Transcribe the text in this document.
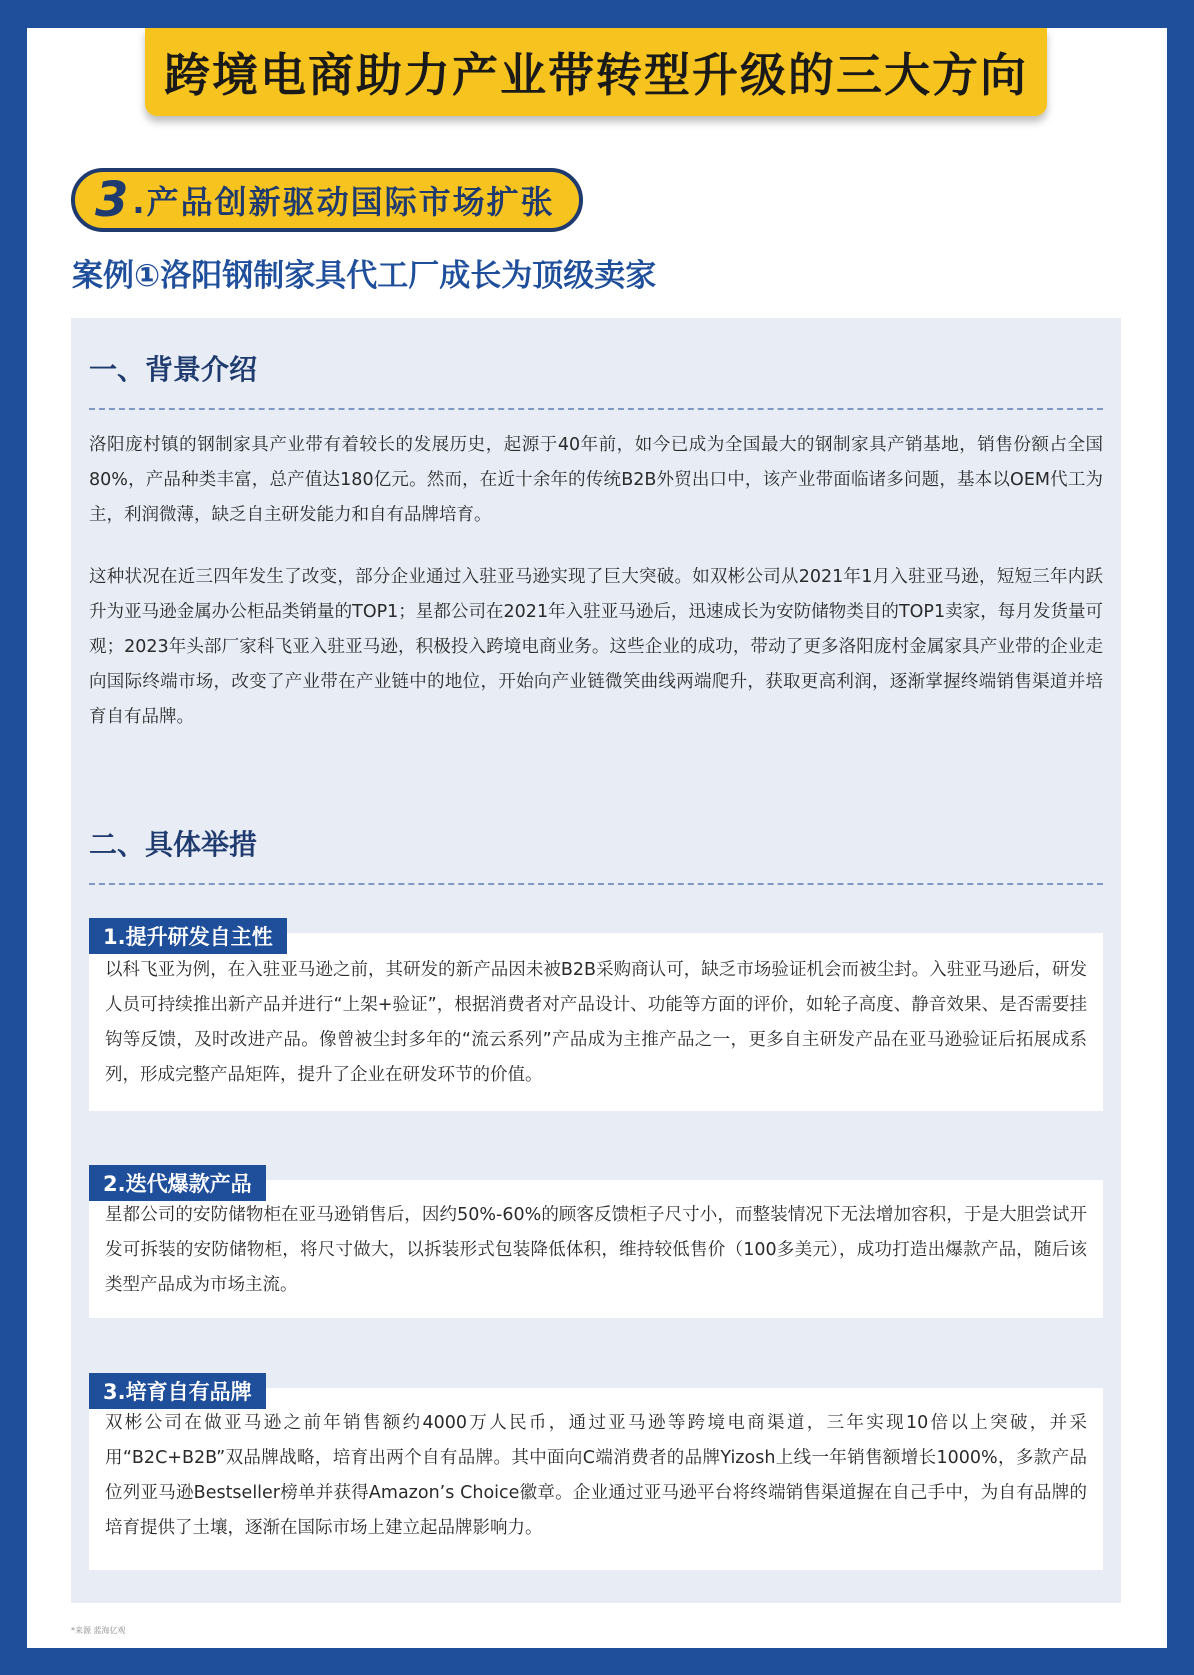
跨境电商助力产业带转型升级的三大方向
3 .产品创新驱动国际市场扩张
案例①洛阳钢制家具代工厂成长为顶级卖家
一、背景介绍
洛阳庞村镇的钢制家具产业带有着较长的发展历史，起源于40年前，如今已成为全国最大的钢制家具产销基地，销售份额占全国80%，产品种类丰富，总产值达180亿元。然而，在近十余年的传统B2B外贸出口中，该产业带面临诸多问题，基本以OEM代工为主，利润微薄，缺乏自主研发能力和自有品牌培育。
这种状况在近三四年发生了改变，部分企业通过入驻亚马逊实现了巨大突破。如双彬公司从2021年1月入驻亚马逊，短短三年内跃升为亚马逊金属办公柜品类销量的TOP1；星都公司在2021年入驻亚马逊后，迅速成长为安防储物类目的TOP1卖家，每月发货量可观；2023年头部厂家科飞亚入驻亚马逊，积极投入跨境电商业务。这些企业的成功，带动了更多洛阳庞村金属家具产业带的企业走向国际终端市场，改变了产业带在产业链中的地位，开始向产业链微笑曲线两端爬升，获取更高利润，逐渐掌握终端销售渠道并培育自有品牌。
二、具体举措
以科飞亚为例，在入驻亚马逊之前，其研发的新产品因未被B2B采购商认可，缺乏市场验证机会而被尘封。入驻亚马逊后，研发人员可持续推出新产品并进行“上架+验证”，根据消费者对产品设计、功能等方面的评价，如轮子高度、静音效果、是否需要挂钩等反馈，及时改进产品。像曾被尘封多年的“流云系列”产品成为主推产品之一，更多自主研发产品在亚马逊验证后拓展成系列，形成完整产品矩阵，提升了企业在研发环节的价值。
1.提升研发自主性
星都公司的安防储物柜在亚马逊销售后，因约50%-60%的顾客反馈柜子尺寸小，而整装情况下无法增加容积，于是大胆尝试开发可拆装的安防储物柜，将尺寸做大，以拆装形式包装降低体积，维持较低售价（100多美元），成功打造出爆款产品，随后该类型产品成为市场主流。
2.迭代爆款产品
双彬公司在做亚马逊之前年销售额约4000万人民币，通过亚马逊等跨境电商渠道，三年实现10倍以上突破，并采用“B2C+B2B”双品牌战略，培育出两个自有品牌。其中面向C端消费者的品牌Yizosh上线一年销售额增长1000%，多款产品位列亚马逊Bestseller榜单并获得Amazon’s Choice徽章。企业通过亚马逊平台将终端销售渠道握在自己手中，为自有品牌的培育提供了土壤，逐渐在国际市场上建立起品牌影响力。
3.培育自有品牌
*来源 蓝海亿观
